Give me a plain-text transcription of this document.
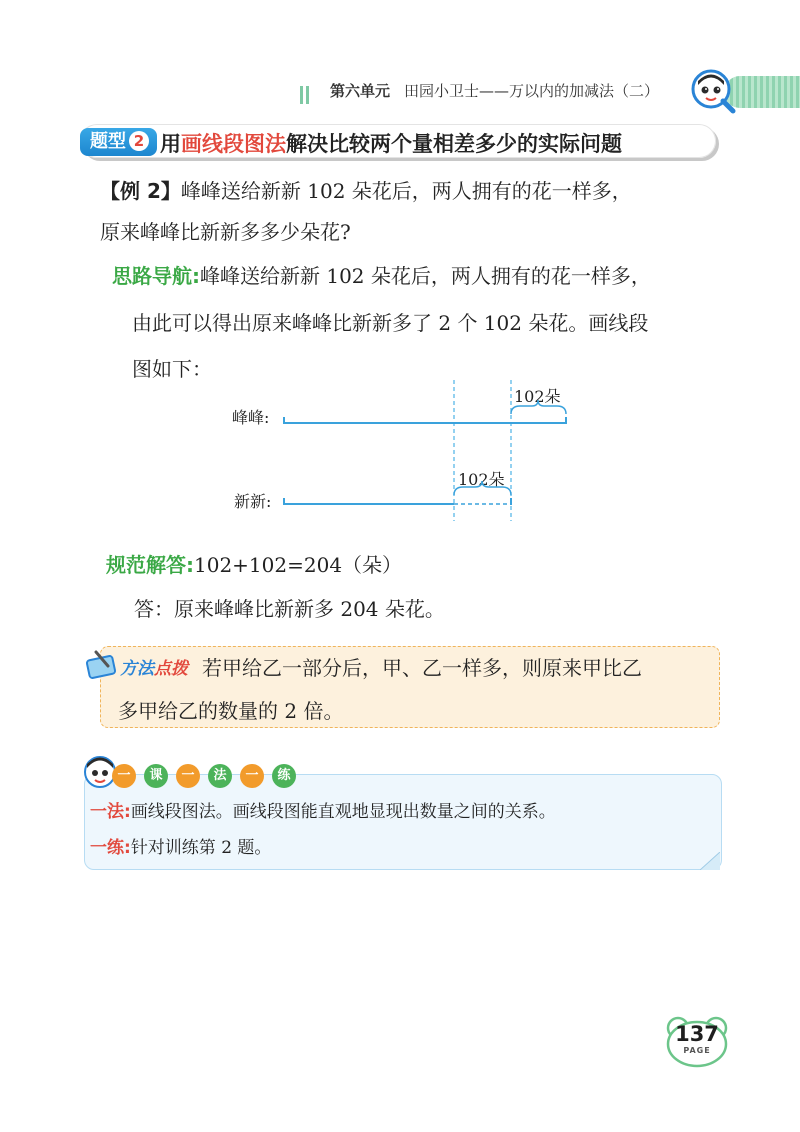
第六单元 田园小卫士——万以内的加减法（二）
题型 2 用画线段图法解决比较两个量相差多少的实际问题
【例 2】峰峰送给新新 102 朵花后，两人拥有的花一样多，
原来峰峰比新新多多少朵花?
思路导航:峰峰送给新新 102 朵花后，两人拥有的花一样多，
由此可以得出原来峰峰比新新多了 2 个 102 朵花。画线段
图如下：
峰峰:
新新:
102朵
102朵
规范解答:102+102=204（朵）
答：原来峰峰比新新多 204 朵花。
方法点拨 若甲给乙一部分后，甲、乙一样多，则原来甲比乙
多甲给乙的数量的 2 倍。
一 课 一 法 一 练
一法:画线段图法。画线段图能直观地显现出数量之间的关系。
一练:针对训练第 2 题。
137
PAGE
